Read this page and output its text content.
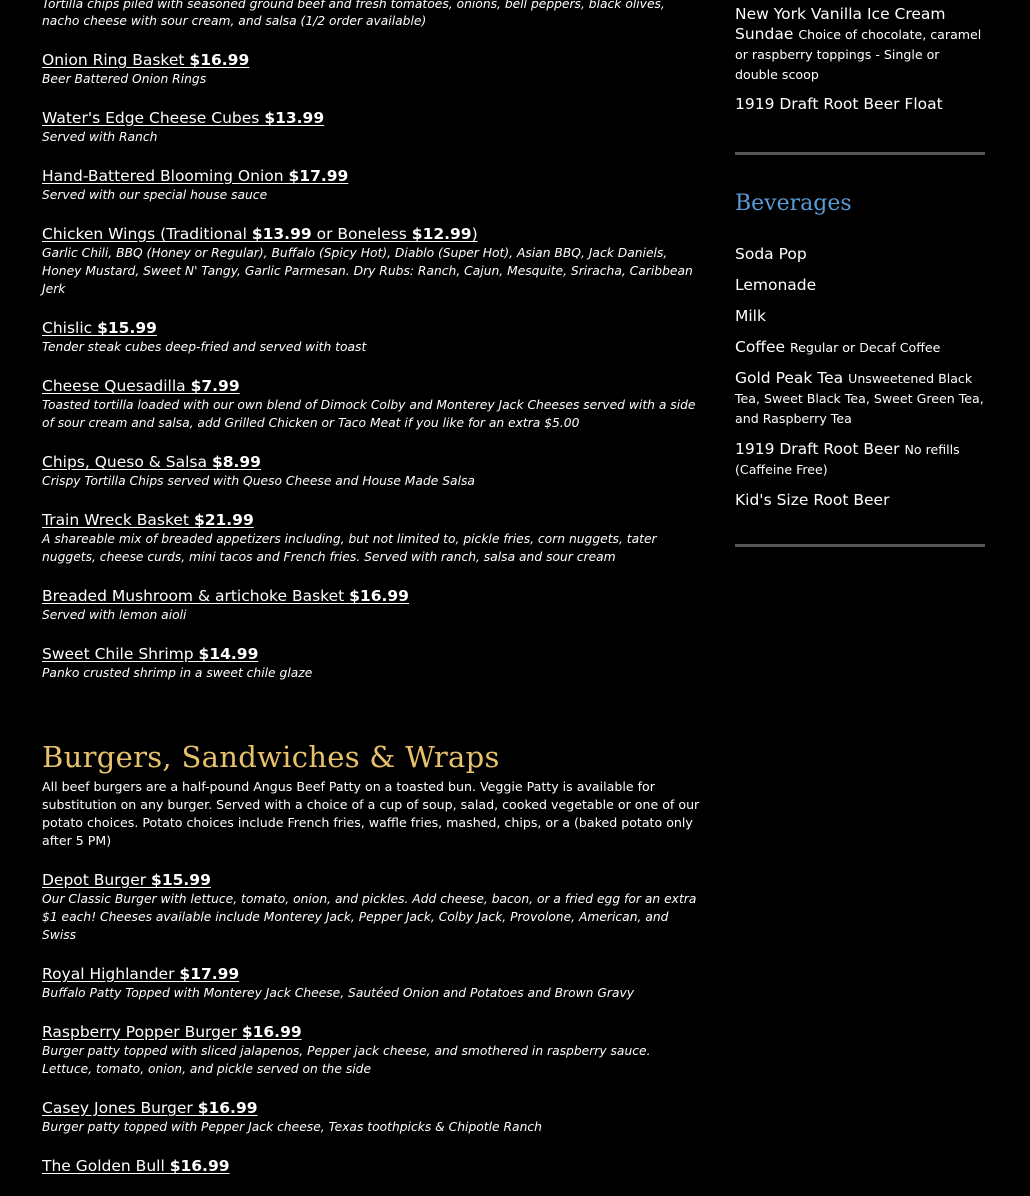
Tortilla chips piled with seasoned ground beef and fresh tomatoes, onions, bell peppers, black olives, nacho cheese with sour cream, and salsa (1/2 order available)
Onion Ring Basket $16.99
Beer Battered Onion Rings
Water's Edge Cheese Cubes $13.99
Served with Ranch
Hand-Battered Blooming Onion $17.99
Served with our special house sauce
Chicken Wings (Traditional $13.99 or Boneless $12.99)
Garlic Chili, BBQ (Honey or Regular), Buffalo (Spicy Hot), Diablo (Super Hot), Asian BBQ, Jack Daniels, Honey Mustard, Sweet N' Tangy, Garlic Parmesan. Dry Rubs: Ranch, Cajun, Mesquite, Sriracha, Caribbean Jerk
Chislic $15.99
Tender steak cubes deep-fried and served with toast
Cheese Quesadilla $7.99
Toasted tortilla loaded with our own blend of Dimock Colby and Monterey Jack Cheeses served with a side of sour cream and salsa, add Grilled Chicken or Taco Meat if you like for an extra $5.00
Chips, Queso & Salsa $8.99
Crispy Tortilla Chips served with Queso Cheese and House Made Salsa
Train Wreck Basket $21.99
A shareable mix of breaded appetizers including, but not limited to, pickle fries, corn nuggets, tater nuggets, cheese curds, mini tacos and French fries. Served with ranch, salsa and sour cream
Breaded Mushroom & artichoke Basket $16.99
Served with lemon aioli
Sweet Chile Shrimp $14.99
Panko crusted shrimp in a sweet chile glaze
Burgers, Sandwiches & Wraps
All beef burgers are a half-pound Angus Beef Patty on a toasted bun. Veggie Patty is available for substitution on any burger. Served with a choice of a cup of soup, salad, cooked vegetable or one of our potato choices. Potato choices include French fries, waffle fries, mashed, chips, or a (baked potato only after 5 PM)
Depot Burger $15.99
Our Classic Burger with lettuce, tomato, onion, and pickles. Add cheese, bacon, or a fried egg for an extra $1 each! Cheeses available include Monterey Jack, Pepper Jack, Colby Jack, Provolone, American, and Swiss
Royal Highlander $17.99
Buffalo Patty Topped with Monterey Jack Cheese, Sautéed Onion and Potatoes and Brown Gravy
Raspberry Popper Burger $16.99
Burger patty topped with sliced jalapenos, Pepper jack cheese, and smothered in raspberry sauce. Lettuce, tomato, onion, and pickle served on the side
Casey Jones Burger $16.99
Burger patty topped with Pepper Jack cheese, Texas toothpicks & Chipotle Ranch
The Golden Bull $16.99
New York Vanilla Ice Cream Sundae Choice of chocolate, caramel or raspberry toppings - Single or double scoop
1919 Draft Root Beer Float
Beverages
Soda Pop
Lemonade
Milk
Coffee Regular or Decaf Coffee
Gold Peak Tea Unsweetened Black Tea, Sweet Black Tea, Sweet Green Tea, and Raspberry Tea
1919 Draft Root Beer No refills (Caffeine Free)
Kid's Size Root Beer
